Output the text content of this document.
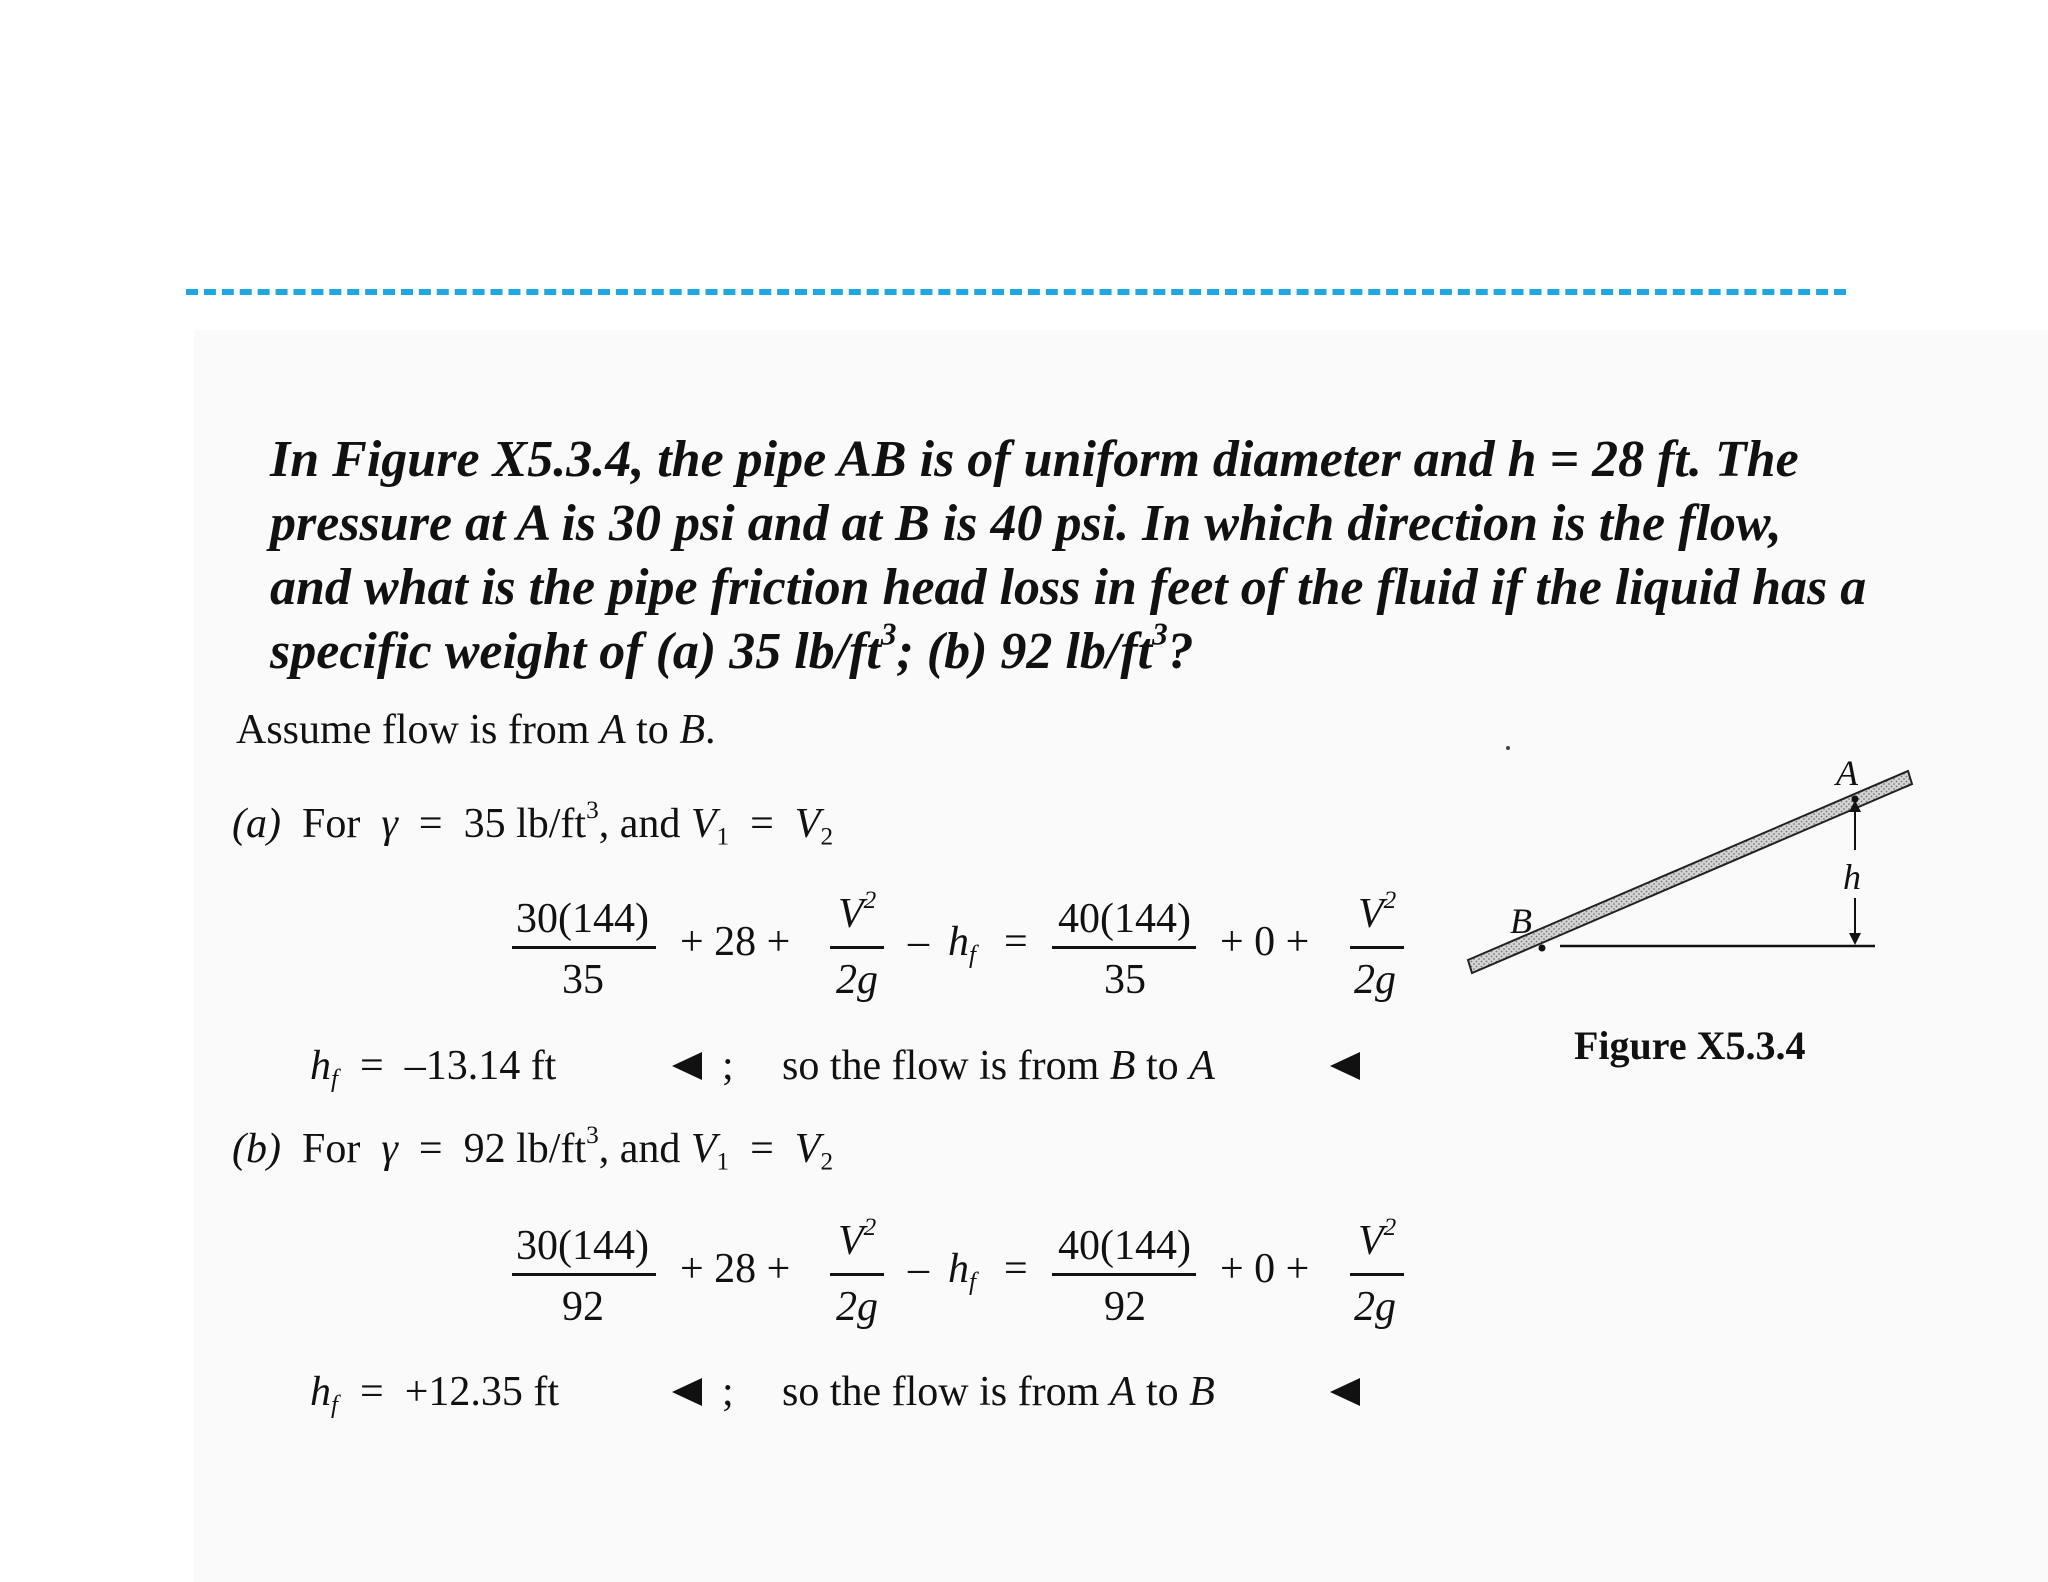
In Figure X5.3.4, the pipe AB is of uniform diameter and h = 28 ft. The
pressure at A is 30 psi and at B is 40 psi. In which direction is the flow,
and what is the pipe friction head loss in feet of the fluid if the liquid has a
specific weight of (a) 35 $lb/ft^3$; (b) 92 $lb/ft^3$?
Assume flow is from A to B.
(a) For γ = 35 $lb/ft^3$, and $V_1 = V_2$
30(144)
35
+ 28 +
$V^2$
2g
– $h_f = 40(144)$
35
+ 0 +
$V^2$
2g
$h_f = -13.14$ ft	; so the flow is from B to A
(b) For γ = 92 $lb/ft^3$, and $V_1 = V_2$
30(144)
92
+ 28 +
$V^2$
2g
– $h_f = 40(144)$
92
+ 0 +
$V^2$
2g
$h_f = +12.35$ ft	; so the flow is from A to B
A
B
h
Figure X5.3.4
